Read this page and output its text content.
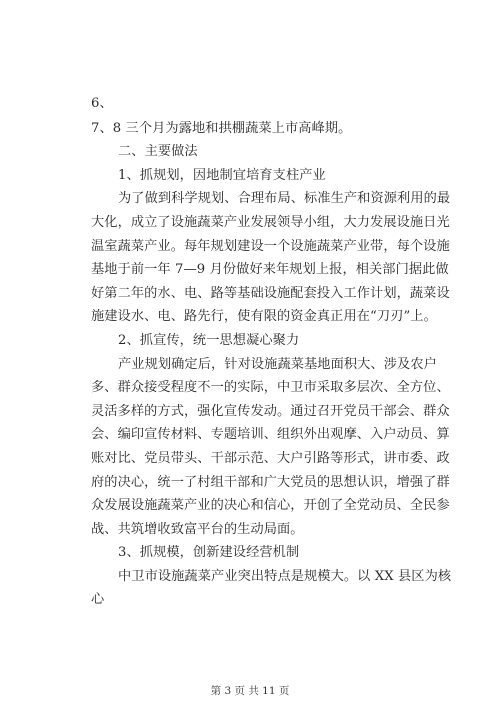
6、

7、8 三个月为露地和拱棚蔬菜上市高峰期。

二、主要做法

1、抓规划，因地制宜培育支柱产业

为了做到科学规划、合理布局、标准生产和资源利用的最大化，成立了设施蔬菜产业发展领导小组，大力发展设施日光温室蔬菜产业。每年规划建设一个设施蔬菜产业带，每个设施基地于前一年 7—9 月份做好来年规划上报，相关部门据此做好第二年的水、电、路等基础设施配套投入工作计划，蔬菜设施建设水、电、路先行，使有限的资金真正用在“刀刃”上。

2、抓宣传，统一思想凝心聚力

产业规划确定后，针对设施蔬菜基地面积大、涉及农户多、群众接受程度不一的实际，中卫市采取多层次、全方位、灵活多样的方式，强化宣传发动。通过召开党员干部会、群众会、编印宣传材料、专题培训、组织外出观摩、入户动员、算账对比、党员带头、干部示范、大户引路等形式，讲市委、政府的决心，统一了村组干部和广大党员的思想认识，增强了群众发展设施蔬菜产业的决心和信心，开创了全党动员、全民参战、共筑增收致富平台的生动局面。

3、抓规模，创新建设经营机制

中卫市设施蔬菜产业突出特点是规模大。以 XX 县区为核心

第 3 页 共 11 页
